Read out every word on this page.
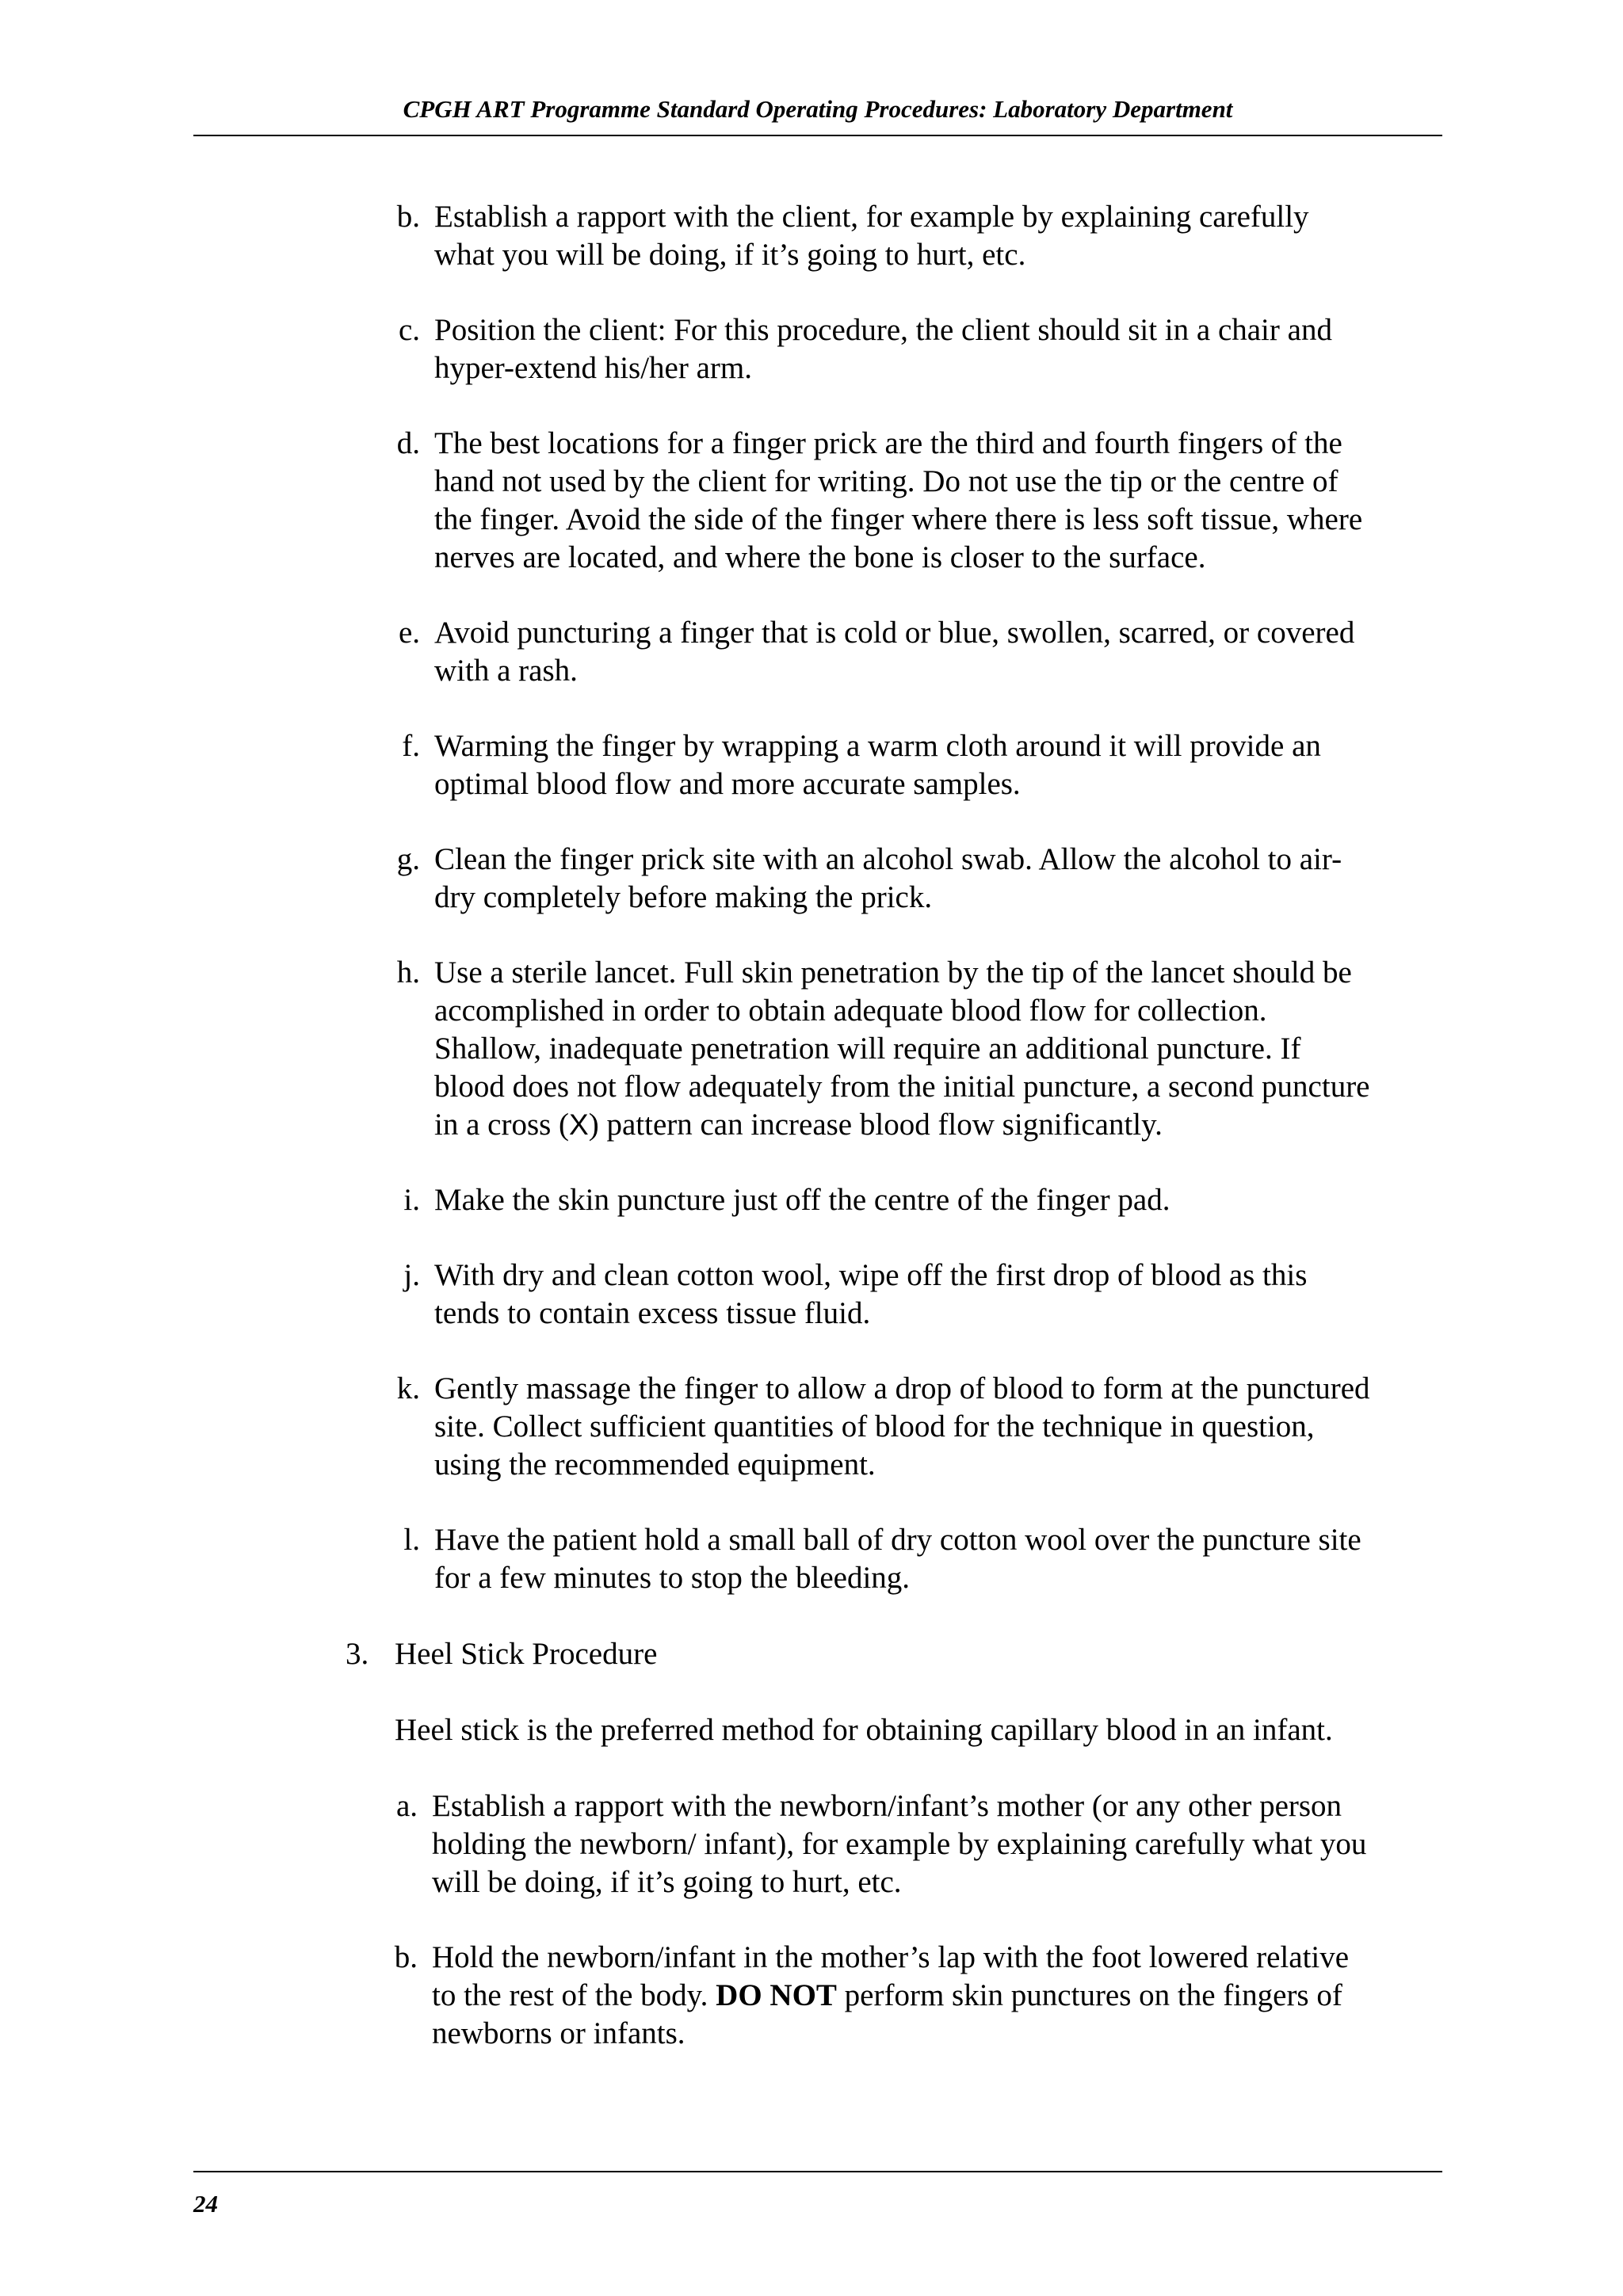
CPGH ART Programme Standard Operating Procedures: Laboratory Department
b. Establish a rapport with the client, for example by explaining carefully
what you will be doing, if it’s going to hurt, etc.
c. Position the client: For this procedure, the client should sit in a chair and
hyper-extend his/her arm.
d. The best locations for a finger prick are the third and fourth fingers of the
hand not used by the client for writing. Do not use the tip or the centre of
the finger. Avoid the side of the finger where there is less soft tissue, where
nerves are located, and where the bone is closer to the surface.
e. Avoid puncturing a finger that is cold or blue, swollen, scarred, or covered
with a rash.
f. Warming the finger by wrapping a warm cloth around it will provide an
optimal blood flow and more accurate samples.
g. Clean the finger prick site with an alcohol swab. Allow the alcohol to air-
dry completely before making the prick.
h. Use a sterile lancet. Full skin penetration by the tip of the lancet should be
accomplished in order to obtain adequate blood flow for collection.
Shallow, inadequate penetration will require an additional puncture. If
blood does not flow adequately from the initial puncture, a second puncture
in a cross (X) pattern can increase blood flow significantly.
i. Make the skin puncture just off the centre of the finger pad.
j. With dry and clean cotton wool, wipe off the first drop of blood as this
tends to contain excess tissue fluid.
k. Gently massage the finger to allow a drop of blood to form at the punctured
site. Collect sufficient quantities of blood for the technique in question,
using the recommended equipment.
l. Have the patient hold a small ball of dry cotton wool over the puncture site
for a few minutes to stop the bleeding.
3. Heel Stick Procedure
Heel stick is the preferred method for obtaining capillary blood in an infant.
a. Establish a rapport with the newborn/infant’s mother (or any other person
holding the newborn/ infant), for example by explaining carefully what you
will be doing, if it’s going to hurt, etc.
b. Hold the newborn/infant in the mother’s lap with the foot lowered relative
to the rest of the body. DO NOT perform skin punctures on the fingers of
newborns or infants.
24
